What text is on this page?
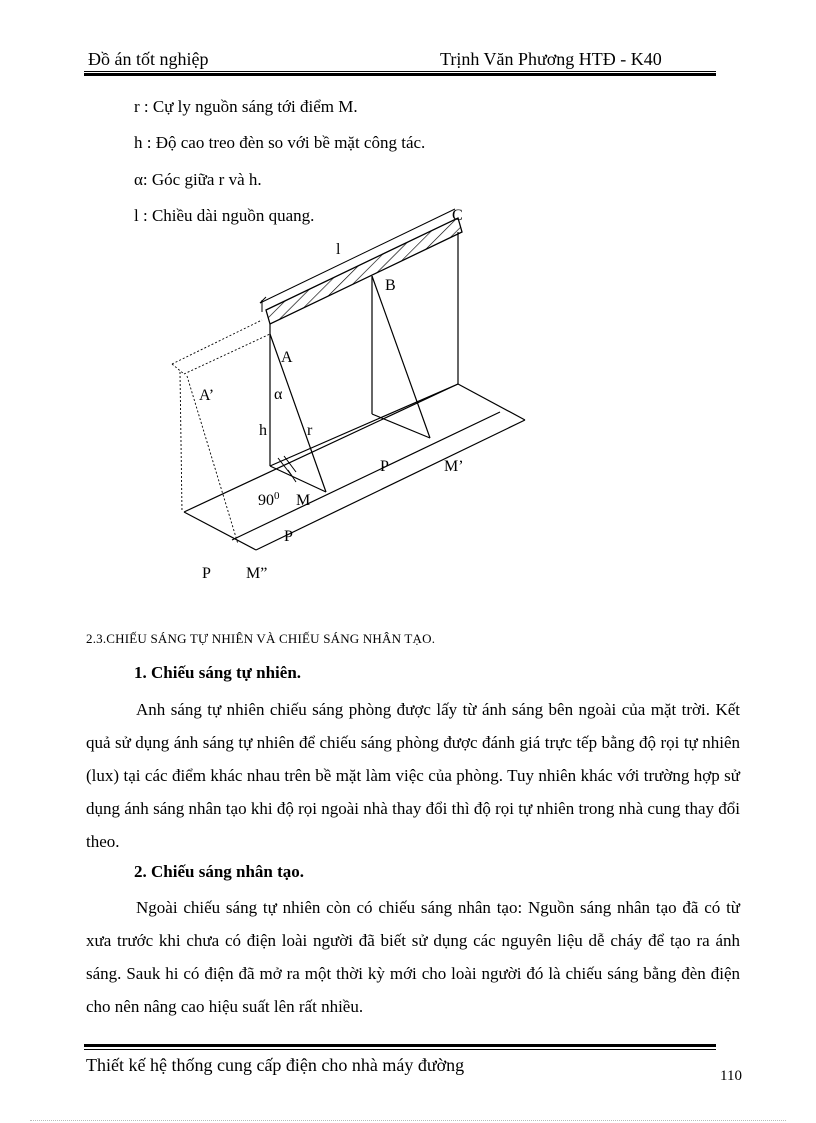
Đồ án tốt nghiệp	Trịnh Văn Phương HTĐ - K40
r : Cự ly nguồn sáng tới điểm M.
h : Độ cao treo đèn so với bề mặt công tác.
α: Góc giữa r và h.
l : Chiều dài nguồn quang.
l
C
B
A
A’	α
h	r
P	M’
$90^0$ M
P
P M”
2.3.CHIẾU SÁNG TỰ NHIÊN VÀ CHIẾU SÁNG NHÂN TẠO.
1. Chiếu sáng tự nhiên.
Anh sáng tự nhiên chiếu sáng phòng được lấy từ ánh sáng bên ngoài của mặt trời. Kết quả sử dụng ánh sáng tự nhiên để chiếu sáng phòng được đánh giá trực tếp bằng độ rọi tự nhiên (lux) tại các điểm khác nhau trên bề mặt làm việc của phòng. Tuy nhiên khác với trường hợp sử dụng ánh sáng nhân tạo khi độ rọi ngoài nhà thay đổi thì độ rọi tự nhiên trong nhà cung thay đổi theo.
2. Chiếu sáng nhân tạo.
Ngoài chiếu sáng tự nhiên còn có chiếu sáng nhân tạo: Nguồn sáng nhân tạo đã có từ xưa trước khi chưa có điện loài người đã biết sử dụng các nguyên liệu dễ cháy để tạo ra ánh sáng. Sauk hi có điện đã mở ra một thời kỳ mới cho loài người đó là chiếu sáng bằng đèn điện cho nên nâng cao hiệu suất lên rất nhiều.
Thiết kế hệ thống cung cấp điện cho nhà máy đường
110
